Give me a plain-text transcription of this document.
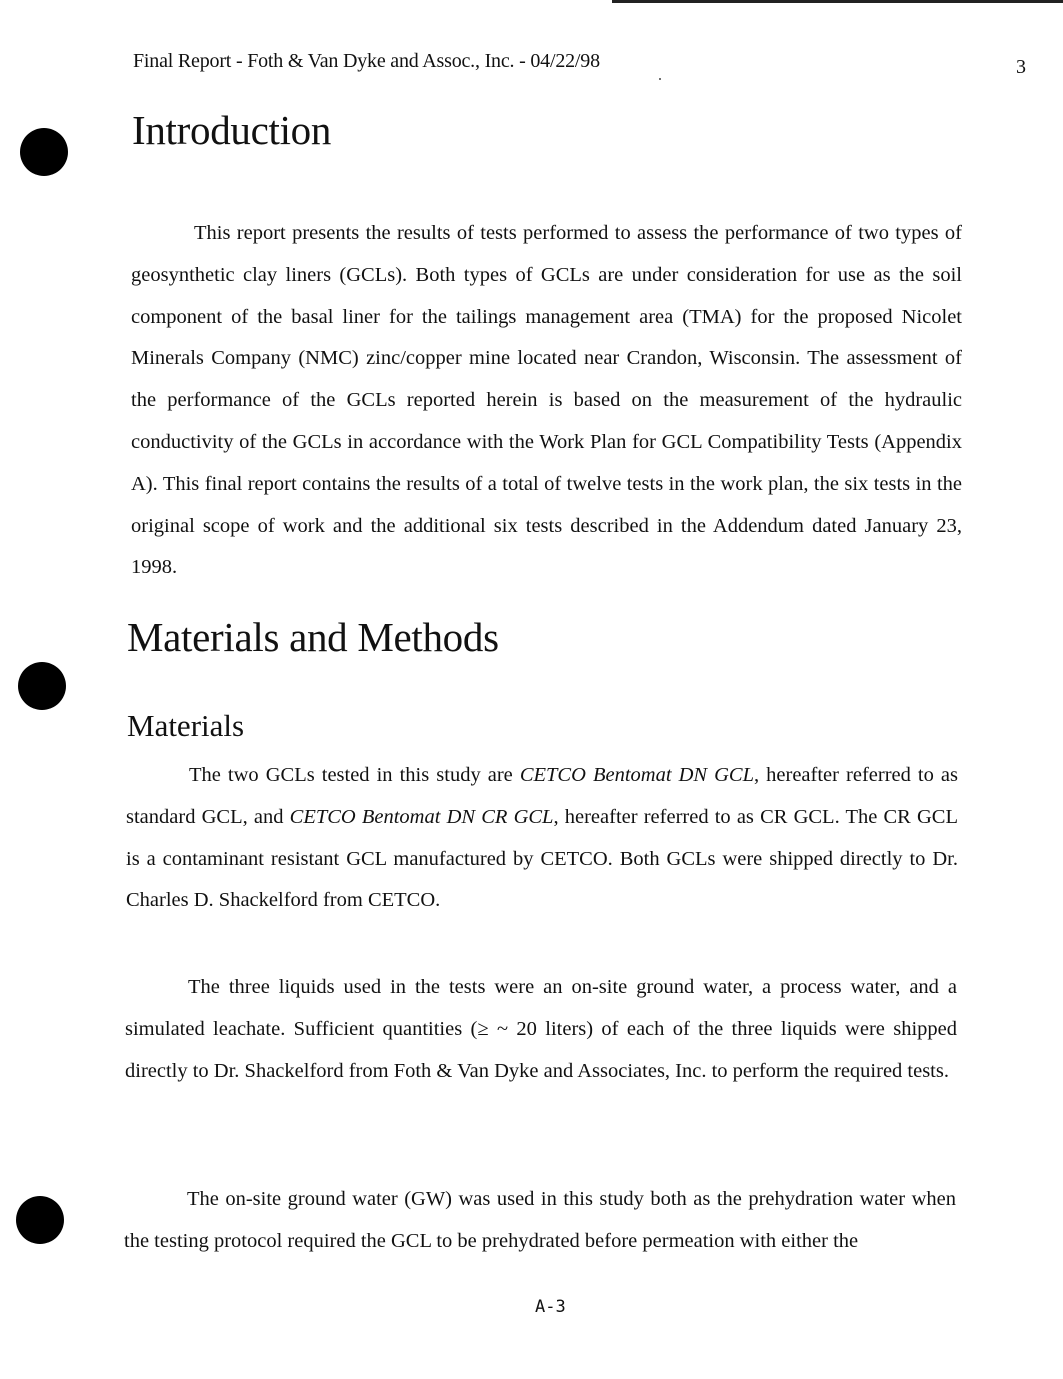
Final Report - Foth & Van Dyke and Assoc., Inc. - 04/22/98	3
Introduction

This report presents the results of tests performed to assess the performance of two types of geosynthetic clay liners (GCLs). Both types of GCLs are under consideration for use as the soil component of the basal liner for the tailings management area (TMA) for the proposed Nicolet Minerals Company (NMC) zinc/copper mine located near Crandon, Wisconsin. The assessment of the performance of the GCLs reported herein is based on the measurement of the hydraulic conductivity of the GCLs in accordance with the Work Plan for GCL Compatibility Tests (Appendix A). This final report contains the results of a total of twelve tests in the work plan, the six tests in the original scope of work and the additional six tests described in the Addendum dated January 23, 1998.

Materials and Methods
Materials

The two GCLs tested in this study are CETCO Bentomat DN GCL, hereafter referred to as standard GCL, and CETCO Bentomat DN CR GCL, hereafter referred to as CR GCL. The CR GCL is a contaminant resistant GCL manufactured by CETCO. Both GCLs were shipped directly to Dr. Charles D. Shackelford from CETCO.

The three liquids used in the tests were an on-site ground water, a process water, and a simulated leachate. Sufficient quantities (≥ ~ 20 liters) of each of the three liquids were shipped directly to Dr. Shackelford from Foth & Van Dyke and Associates, Inc. to perform the required tests.

The on-site ground water (GW) was used in this study both as the prehydration water when the testing protocol required the GCL to be prehydrated before permeation with either the

A-3
